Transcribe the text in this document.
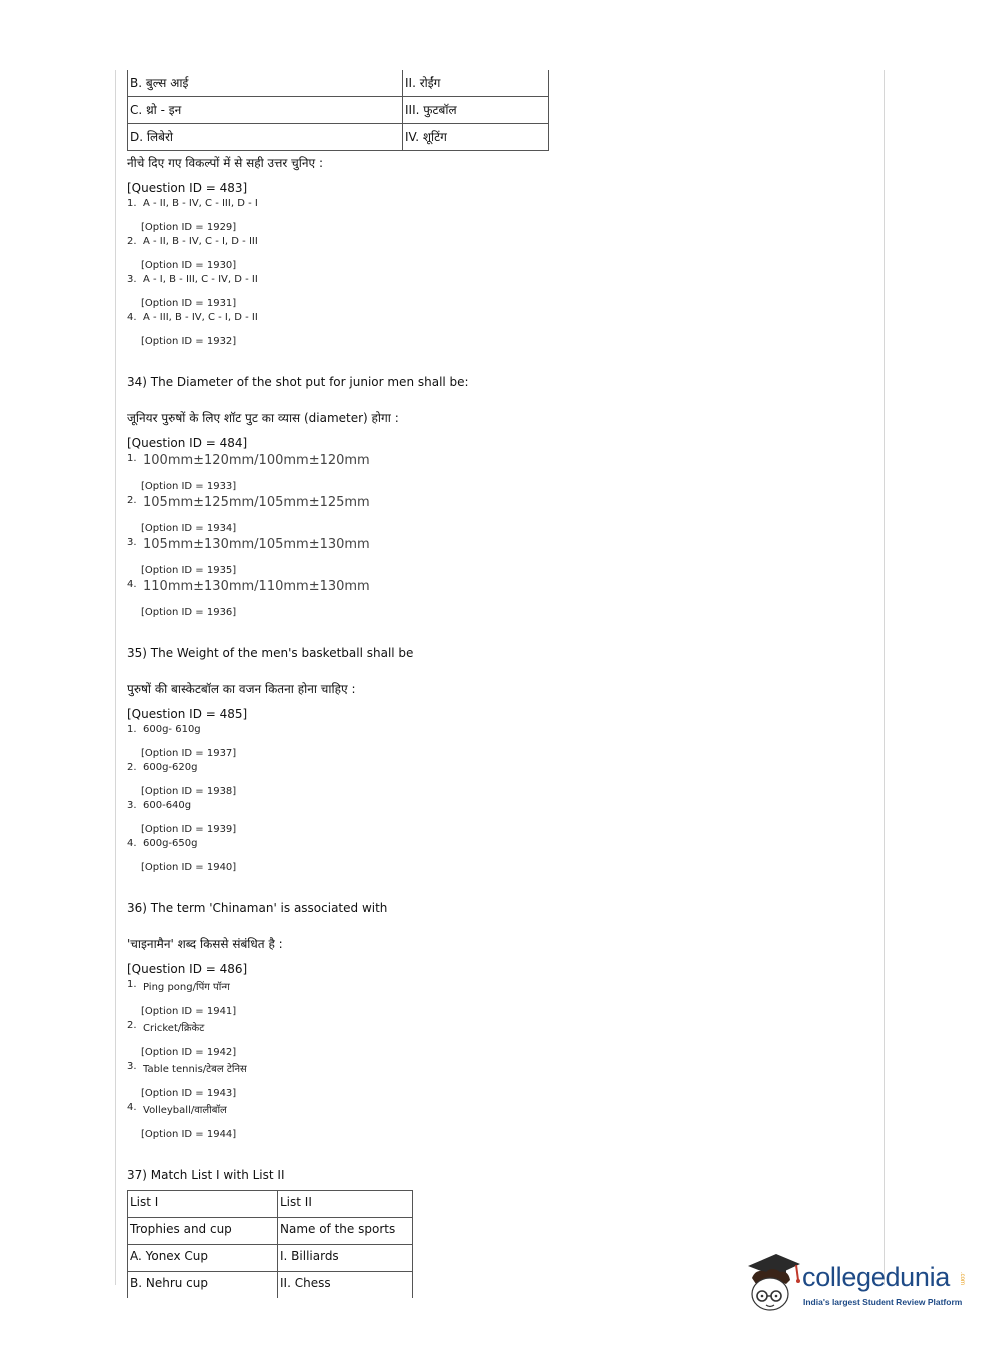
B. बुल्स आई	II. रोईंग
C. थ्रो - इन	III. फुटबॉल
D. लिबेरो	IV. शूटिंग
नीचे दिए गए विकल्पों में से सही उत्तर चुनिए :
[Question ID = 483]
1. A - II, B - IV, C - III, D - I
[Option ID = 1929]
2. A - II, B - IV, C - I, D - III
[Option ID = 1930]
3. A - I, B - III, C - IV, D - II
[Option ID = 1931]
4. A - III, B - IV, C - I, D - II
[Option ID = 1932]
34) The Diameter of the shot put for junior men shall be:
जूनियर पुरुषों के लिए शॉट पुट का व्यास (diameter) होगा :
[Question ID = 484]
1. 100mm±120mm/100mm±120mm
[Option ID = 1933]
2. 105mm±125mm/105mm±125mm
[Option ID = 1934]
3. 105mm±130mm/105mm±130mm
[Option ID = 1935]
4. 110mm±130mm/110mm±130mm
[Option ID = 1936]
35) The Weight of the men's basketball shall be
पुरुषों की बास्केटबॉल का वजन कितना होना चाहिए :
[Question ID = 485]
1. 600g- 610g
[Option ID = 1937]
2. 600g-620g
[Option ID = 1938]
3. 600-640g
[Option ID = 1939]
4. 600g-650g
[Option ID = 1940]
36) The term 'Chinaman' is associated with
'चाइनामैन' शब्द किससे संबंधित है :
[Question ID = 486]
1. Ping pong/पिंग पॉन्ग
[Option ID = 1941]
2. Cricket/क्रिकेट
[Option ID = 1942]
3. Table tennis/टेबल टेनिस
[Option ID = 1943]
4. Volleyball/वालीबॉल
[Option ID = 1944]
37) Match List I with List II
List I	List II
Trophies and cup	Name of the sports
A. Yonex Cup	I. Billiards
B. Nehru cup	II. Chess	collegedunia
India's largest Student Review Platform
.com
